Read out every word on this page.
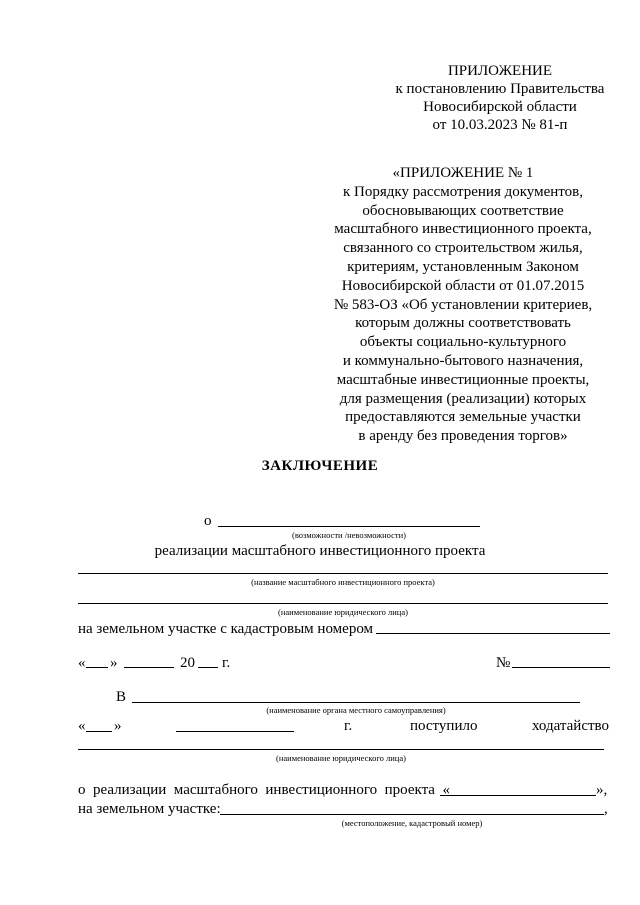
ПРИЛОЖЕНИЕ
к постановлению Правительства
Новосибирской области
от 10.03.2023 № 81-п
«ПРИЛОЖЕНИЕ № 1
к Порядку рассмотрения документов,
обосновывающих соответствие
масштабного инвестиционного проекта,
связанного со строительством жилья,
критериям, установленным Законом
Новосибирской области от 01.07.2015
№ 583-ОЗ «Об установлении критериев,
которым должны соответствовать
объекты социально-культурного
и коммунально-бытового назначения,
масштабные инвестиционные проекты,
для размещения (реализации) которых
предоставляются земельные участки
в аренду без проведения торгов»
ЗАКЛЮЧЕНИЕ
о
(возможности /невозможности)
реализации масштабного инвестиционного проекта
(название масштабного инвестиционного проекта)
(наименование юридического лица)
на земельном участке с кадастровым номером
« »	20 г.	№
В
(наименование органа местного самоуправления)
« »	г.	поступило	ходатайство
(наименование юридического лица)
о  реализации  масштабного  инвестиционного  проекта  «	»,
на земельном участке:	,
(местоположение, кадастровый номер)
